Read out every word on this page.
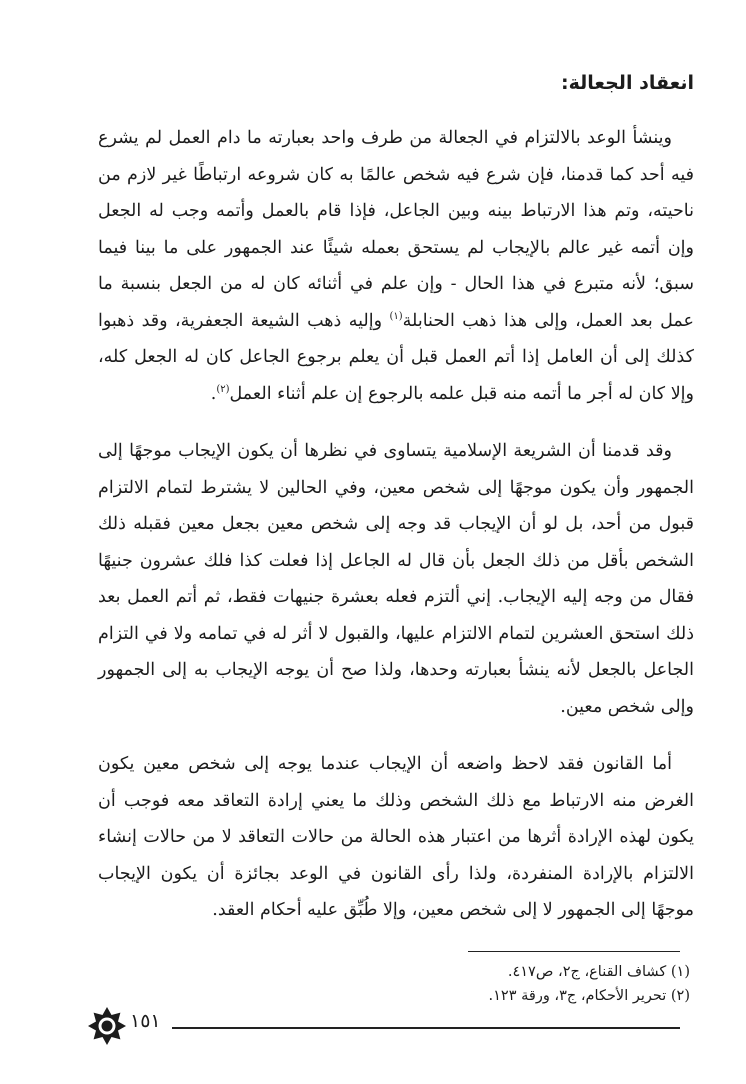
انعقاد الجعالة:

وينشأ الوعد بالالتزام في الجعالة من طرف واحد بعبارته ما دام العمل لم يشرع فيه أحد كما قدمنا، فإن شرع فيه شخص عالمًا به كان شروعه ارتباطًا غير لازم من ناحيته، وتم هذا الارتباط بينه وبين الجاعل، فإذا قام بالعمل وأتمه وجب له الجعل وإن أتمه غير عالم بالإيجاب لم يستحق بعمله شيئًا عند الجمهور على ما بينا فيما سبق؛ لأنه متبرع في هذا الحال - وإن علم في أثنائه كان له من الجعل بنسبة ما عمل بعد العمل، وإلى هذا ذهب الحنابلة$^{(١)}$ وإليه ذهب الشيعة الجعفرية، وقد ذهبوا كذلك إلى أن العامل إذا أتم العمل قبل أن يعلم برجوع الجاعل كان له الجعل كله، وإلا كان له أجر ما أتمه منه قبل علمه بالرجوع إن علم أثناء العمل$^{(٢)}$.

وقد قدمنا أن الشريعة الإسلامية يتساوى في نظرها أن يكون الإيجاب موجهًا إلى الجمهور وأن يكون موجهًا إلى شخص معين، وفي الحالين لا يشترط لتمام الالتزام قبول من أحد، بل لو أن الإيجاب قد وجه إلى شخص معين بجعل معين فقبله ذلك الشخص بأقل من ذلك الجعل بأن قال له الجاعل إذا فعلت كذا فلك عشرون جنيهًا فقال من وجه إليه الإيجاب. إني ألتزم فعله بعشرة جنيهات فقط، ثم أتم العمل بعد ذلك استحق العشرين لتمام الالتزام عليها، والقبول لا أثر له في تمامه ولا في التزام الجاعل بالجعل لأنه ينشأ بعبارته وحدها، ولذا صح أن يوجه الإيجاب به إلى الجمهور وإلى شخص معين.

أما القانون فقد لاحظ واضعه أن الإيجاب عندما يوجه إلى شخص معين يكون الغرض منه الارتباط مع ذلك الشخص وذلك ما يعني إرادة التعاقد معه فوجب أن يكون لهذه الإرادة أثرها من اعتبار هذه الحالة من حالات التعاقد لا من حالات إنشاء الالتزام بالإرادة المنفردة، ولذا رأى القانون في الوعد بجائزة أن يكون الإيجاب موجهًا إلى الجمهور لا إلى شخص معين، وإلا طُبِّق عليه أحكام العقد.

(١) كشاف القناع، ج٢، ص٤١٧.
(٢) تحرير الأحكام، ج٣، ورقة ١٢٣.
١٥١
